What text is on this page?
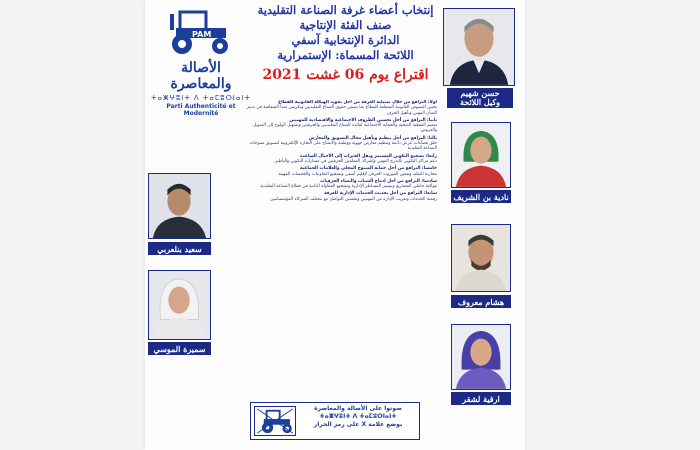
PAM
الأصالة والمعاصرة
ⵜⴰⵥⵖⵓⵏⵜ ⴷ ⵜⴰⵎⵓⵔⵏⴰⵏⵜ
Parti Authenticité et Modernité
إنتخاب أعضاء غرفة الصناعة التقليدية
صنف الفئة الإنتاجية
الدائرة الإنتخابية آسفي
اللائحة المسماة: الإستمرارية
اقتراع يوم 06 غشت 2021
حسن شهيم
وكيل اللائحة
نادية بن الشريف
سعيد بنلعربي
هشام معروف
سميرة الموسي
ارقية لشقر
أولا: الترافع من خلال تمثيلية الغرفة من أجل تجويد الهيكلة القانونية للقطاع
تحيين النصوص القانونية المنظمة للقطاع بما يضمن حقوق الصناع التقليديين وتكريس مبدأ الشفافية في تدبير الشأن المهني وتأهيل الحرف
ثانيا: الترافع من أجل تحسين الظروف الاجتماعية والاقتصادية للمهنيين
تعميم التغطية الصحية والحماية الاجتماعية لفائدة الصناع التقليديين والحرفيين وتسهيل الولوج إلى التمويل والقروض
ثالثا: الترافع من أجل تنظيم وتأهيل مجال التسويق والمعارض
خلق فضاءات عرض دائمة وتنظيم معارض جهوية ووطنية والانفتاح على التجارة الإلكترونية لتسويق منتوجات الصناعة التقليدية
رابعا: تشجيع التكوين المستمر ونقل الخبرات إلى الأجيال الصاعدة
دعم مراكز التكوين بالتدرج المهني وإشراك المعلمين الحرفيين في مسارات التكوين والتأطير
خامسا: الترافع من أجل حماية المنتوج المحلي والعلامات الجماعية
محاربة التقليد وتثمين الموروث الحرفي لإقليم آسفي وتشجيع التعاونيات والجمعيات المهنية
سادسا: الترافع من أجل إدماج الشباب والنساء الحرفيات
مواكبة حاملي المشاريع وتيسير المساطر الإدارية وتشجيع المقاولة الذاتية في قطاع الصناعة التقليدية
سابعا: الترافع من أجل تحديث الخدمات الإدارية للغرفة
رقمنة الخدمات وتقريب الإدارة من المهنيين وتحسين التواصل مع مختلف الشركاء المؤسساتيين
صوتوا على الأصالة والمعاصرة
ⵜⴰⵥⵖⵓⵏⵜ ⴷ ⵜⴰⵎⵓⵔⵏⴰⵏⵜ
بوضع علامة X على رمز الجرار
